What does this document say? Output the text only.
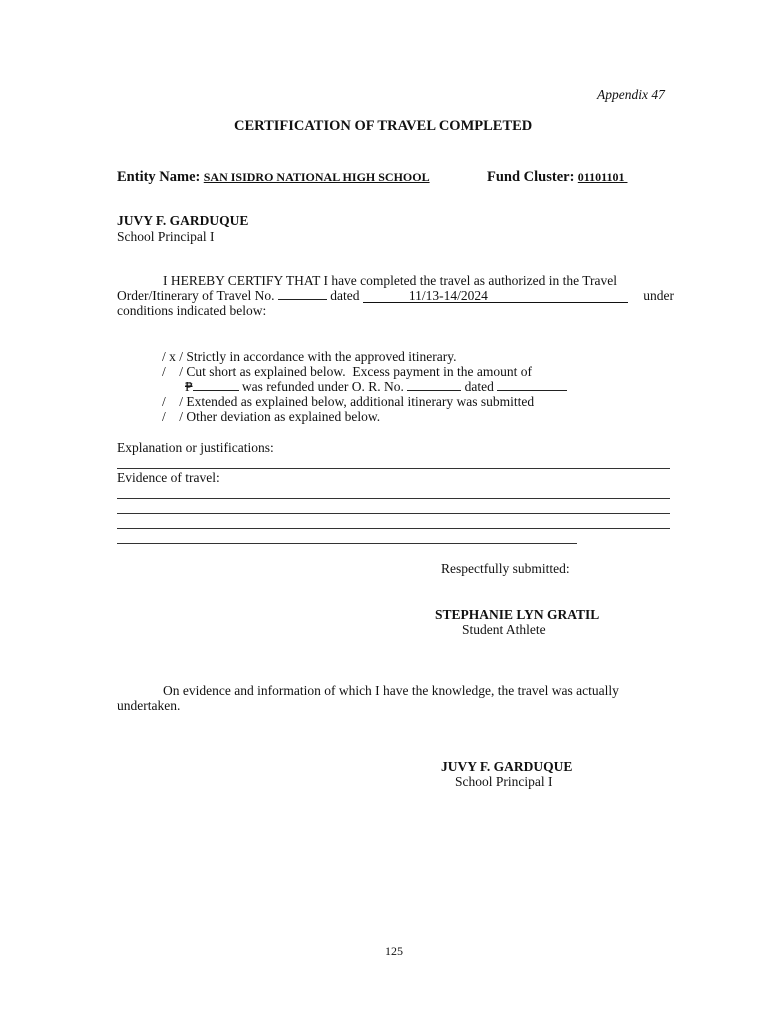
Appendix 47
CERTIFICATION OF TRAVEL COMPLETED
Entity Name: SAN ISIDRO NATIONAL HIGH SCHOOL	Fund Cluster: 01101101
JUVY F. GARDUQUE
School Principal I
I HEREBY CERTIFY THAT I have completed the travel as authorized in the Travel
Order/Itinerary of Travel No.	dated	11/13-14/2024	under
conditions indicated below:
/ x / Strictly in accordance with the approved itinerary.
/    / Cut short as explained below.  Excess payment in the amount of
₱	was refunded under O. R. No.	dated
/    / Extended as explained below, additional itinerary was submitted
/    / Other deviation as explained below.
Explanation or justifications:
Evidence of travel:
Respectfully submitted:
STEPHANIE LYN GRATIL
Student Athlete
On evidence and information of which I have the knowledge, the travel was actually
undertaken.
JUVY F. GARDUQUE
School Principal I
125
